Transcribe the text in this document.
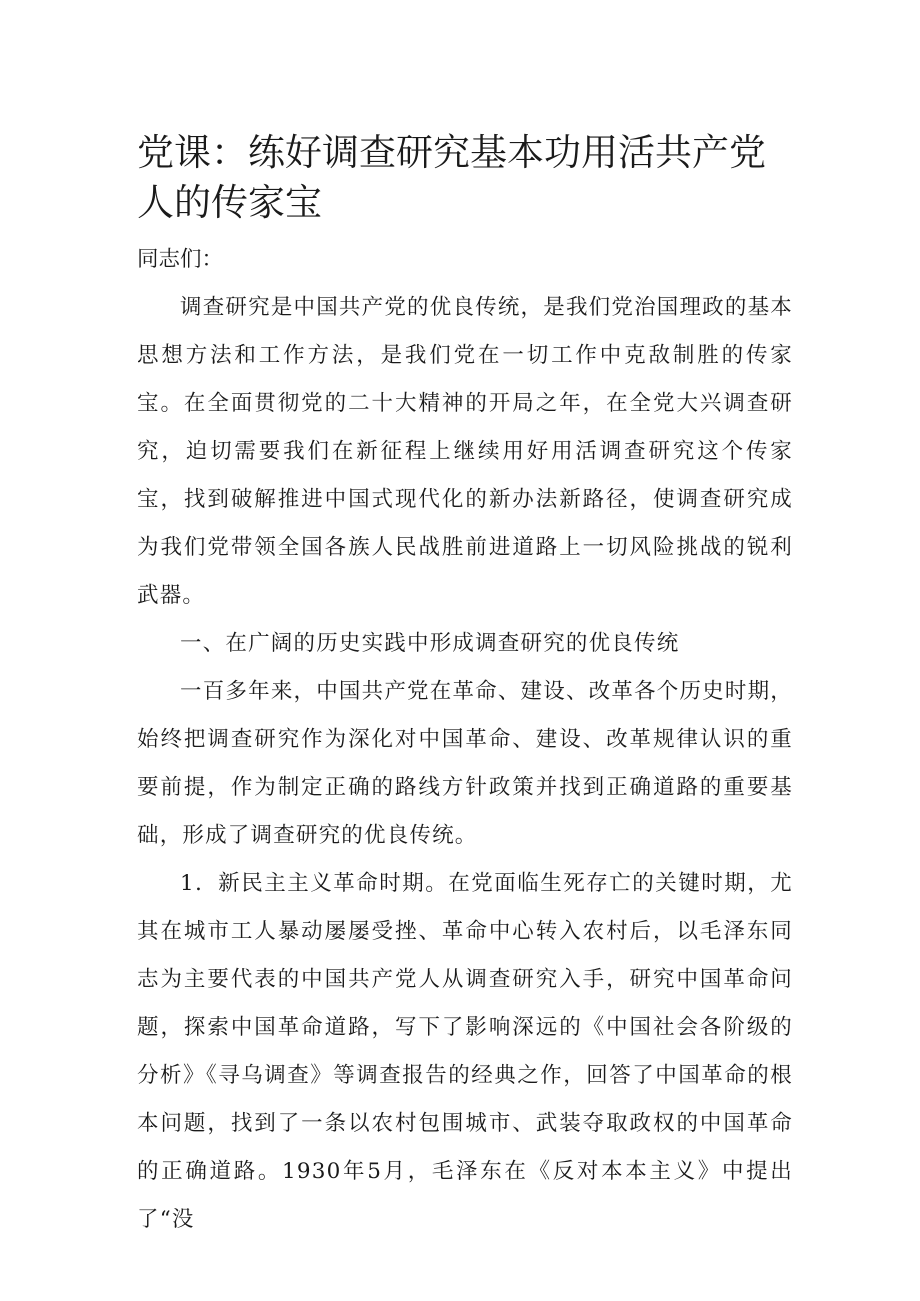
党课：练好调查研究基本功用活共产党人的传家宝

同志们：

调查研究是中国共产党的优良传统，是我们党治国理政的基本思想方法和工作方法，是我们党在一切工作中克敌制胜的传家宝。在全面贯彻党的二十大精神的开局之年，在全党大兴调查研究，迫切需要我们在新征程上继续用好用活调查研究这个传家宝，找到破解推进中国式现代化的新办法新路径，使调查研究成为我们党带领全国各族人民战胜前进道路上一切风险挑战的锐利武器。

一、在广阔的历史实践中形成调查研究的优良传统

一百多年来，中国共产党在革命、建设、改革各个历史时期，始终把调查研究作为深化对中国革命、建设、改革规律认识的重要前提，作为制定正确的路线方针政策并找到正确道路的重要基础，形成了调查研究的优良传统。

1．新民主主义革命时期。在党面临生死存亡的关键时期，尤其在城市工人暴动屡屡受挫、革命中心转入农村后，以毛泽东同志为主要代表的中国共产党人从调查研究入手，研究中国革命问题，探索中国革命道路，写下了影响深远的《中国社会各阶级的分析》《寻乌调查》等调查报告的经典之作，回答了中国革命的根本问题，找到了一条以农村包围城市、武装夺取政权的中国革命的正确道路。1930年5月，毛泽东在《反对本本主义》中提出了“没
